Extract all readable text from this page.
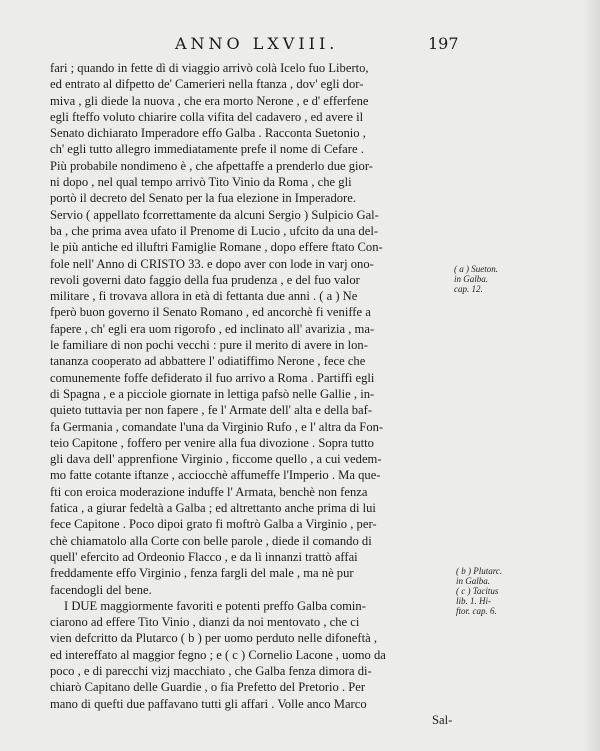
ANNO LXVIII.	197
fari ; quando in fette dì di viaggio arrivò colà Icelo fuo Liberto,
ed entrato al difpetto de' Camerieri nella ftanza , dov' egli dor-
miva , gli diede la nuova , che era morto Nerone , e d' efferfene
egli fteffo voluto chiarire colla vifita del cadavero , ed avere il
Senato dichiarato Imperadore effo Galba . Racconta Suetonio ,
ch' egli tutto allegro immediatamente prefe il nome di Cefare .
Più probabile nondimeno è , che afpettaffe a prenderlo due gior-
ni dopo , nel qual tempo arrivò Tito Vinio da Roma , che gli
portò il decreto del Senato per la fua elezione in Imperadore.
Servio ( appellato fcorrettamente da alcuni Sergio ) Sulpicio Gal-
ba , che prima avea ufato il Prenome di Lucio , ufcito da una del-
le più antiche ed illuftri Famiglie Romane , dopo effere ftato Con-
fole nell' Anno di CRISTO 33. e dopo aver con lode in varj ono-
revoli governi dato faggio della fua prudenza , e del fuo valor
militare , fi trovava allora in età di fettanta due anni . ( a ) Ne
fperò buon governo il Senato Romano , ed ancorchè fi veniffe a
fapere , ch' egli era uom rigorofo , ed inclinato all' avarizia , ma-
le familiare di non pochi vecchi : pure il merito di avere in lon-
tananza cooperato ad abbattere l' odiatiffimo Nerone , fece che
comunemente foffe defiderato il fuo arrivo a Roma . Partiffi egli
di Spagna , e a picciole giornate in lettiga pafsò nelle Gallie , in-
quieto tuttavia per non fapere , fe l' Armate dell' alta e della baf-
fa Germania , comandate l'una da Virginio Rufo , e l' altra da Fon-
teio Capitone , foffero per venire alla fua divozione . Sopra tutto
gli dava dell' apprenfione Virginio , ficcome quello , a cui vedem-
mo fatte cotante iftanze , acciocchè affumeffe l'Imperio . Ma que-
fti con eroica moderazione induffe l' Armata, benchè non fenza
fatica , a giurar fedeltà a Galba ; ed altrettanto anche prima di lui
fece Capitone . Poco dipoi grato fi moftrò Galba a Virginio , per-
chè chiamatolo alla Corte con belle parole , diede il comando di
quell' efercito ad Ordeonio Flacco , e da lì innanzi trattò affai
freddamente effo Virginio , fenza fargli del male , ma nè pur
facendogli del bene.
I DUE maggiormente favoriti e potenti preffo Galba comin-
ciarono ad effere Tito Vinio , dianzi da noi mentovato , che ci
vien defcritto da Plutarco ( b ) per uomo perduto nelle difoneftà ,
ed intereffato al maggior fegno ; e ( c ) Cornelio Lacone , uomo da
poco , e di parecchi vizj macchiato , che Galba fenza dimora di-
chiarò Capitano delle Guardie , o fia Prefetto del Pretorio . Per
mano di quefti due paffavano tutti gli affari . Volle anco Marco
Sal-
( a ) Sueton.
in Galba.
cap. 12.
( b ) Plutarc.
in Galba.
( c ) Tacitus
lib. 1. Hi-
ftor. cap. 6.
